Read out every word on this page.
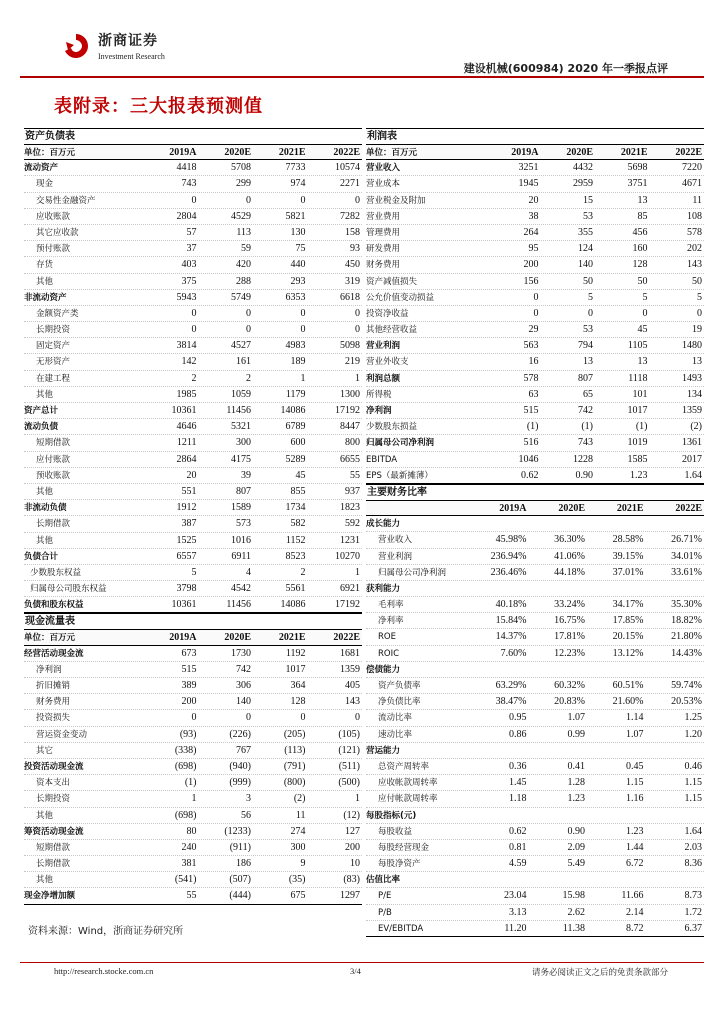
浙商证券
Investment Research
建设机械(600984) 2020 年一季报点评
表附录：三大报表预测值
资产负债表
单位：百万元	2019A	2020E	2021E	2022E
流动资产	4418	5708	7733	10574
现金	743	299	974	2271
交易性金融资产	0	0	0	0
应收账款	2804	4529	5821	7282
其它应收款	57	113	130	158
预付账款	37	59	75	93
存货	403	420	440	450
其他	375	288	293	319
非流动资产	5943	5749	6353	6618
金额资产类	0	0	0	0
长期投资	0	0	0	0
固定资产	3814	4527	4983	5098
无形资产	142	161	189	219
在建工程	2	2	1	1
其他	1985	1059	1179	1300
资产总计	10361	11456	14086	17192
流动负债	4646	5321	6789	8447
短期借款	1211	300	600	800
应付账款	2864	4175	5289	6655
预收账款	20	39	45	55
其他	551	807	855	937
非流动负债	1912	1589	1734	1823
长期借款	387	573	582	592
其他	1525	1016	1152	1231
负债合计	6557	6911	8523	10270
少数股东权益	5	4	2	1
归属母公司股东权益	3798	4542	5561	6921
负债和股东权益	10361	11456	14086	17192
现金流量表
单位：百万元	2019A	2020E	2021E	2022E
经营活动现金流	673	1730	1192	1681
净利润	515	742	1017	1359
折旧摊销	389	306	364	405
财务费用	200	140	128	143
投资损失	0	0	0	0
营运资金变动	(93)	(226)	(205)	(105)
其它	(338)	767	(113)	(121)
投资活动现金流	(698)	(940)	(791)	(511)
资本支出	(1)	(999)	(800)	(500)
长期投资	1	3	(2)	1
其他	(698)	56	11	(12)
筹资活动现金流	80	(1233)	274	127
短期借款	240	(911)	300	200
长期借款	381	186	9	10
其他	(541)	(507)	(35)	(83)
现金净增加额	55	(444)	675	1297
利润表
单位：百万元	2019A	2020E	2021E	2022E
营业收入	3251	4432	5698	7220
营业成本	1945	2959	3751	4671
营业税金及附加	20	15	13	11
营业费用	38	53	85	108
管理费用	264	355	456	578
研发费用	95	124	160	202
财务费用	200	140	128	143
资产减值损失	156	50	50	50
公允价值变动损益	0	5	5	5
投资净收益	0	0	0	0
其他经营收益	29	53	45	19
营业利润	563	794	1105	1480
营业外收支	16	13	13	13
利润总额	578	807	1118	1493
所得税	63	65	101	134
净利润	515	742	1017	1359
少数股东损益	(1)	(1)	(1)	(2)
归属母公司净利润	516	743	1019	1361
EBITDA	1046	1228	1585	2017
EPS（最新摊薄）	0.62	0.90	1.23	1.64
主要财务比率
2019A	2020E	2021E	2022E
成长能力
营业收入	45.98%	36.30%	28.58%	26.71%
营业利润	236.94%	41.06%	39.15%	34.01%
归属母公司净利润	236.46%	44.18%	37.01%	33.61%
获利能力
毛利率	40.18%	33.24%	34.17%	35.30%
净利率	15.84%	16.75%	17.85%	18.82%
ROE	14.37%	17.81%	20.15%	21.80%
ROIC	7.60%	12.23%	13.12%	14.43%
偿债能力
资产负债率	63.29%	60.32%	60.51%	59.74%
净负债比率	38.47%	20.83%	21.60%	20.53%
流动比率	0.95	1.07	1.14	1.25
速动比率	0.86	0.99	1.07	1.20
营运能力
总资产周转率	0.36	0.41	0.45	0.46
应收帐款周转率	1.45	1.28	1.15	1.15
应付帐款周转率	1.18	1.23	1.16	1.15
每股指标(元)
每股收益	0.62	0.90	1.23	1.64
每股经营现金	0.81	2.09	1.44	2.03
每股净资产	4.59	5.49	6.72	8.36
估值比率
P/E	23.04	15.98	11.66	8.73
P/B	3.13	2.62	2.14	1.72
EV/EBITDA	11.20	11.38	8.72	6.37
资料来源：Wind，浙商证券研究所
http://research.stocke.com.cn	3/4	请务必阅读正文之后的免责条款部分
